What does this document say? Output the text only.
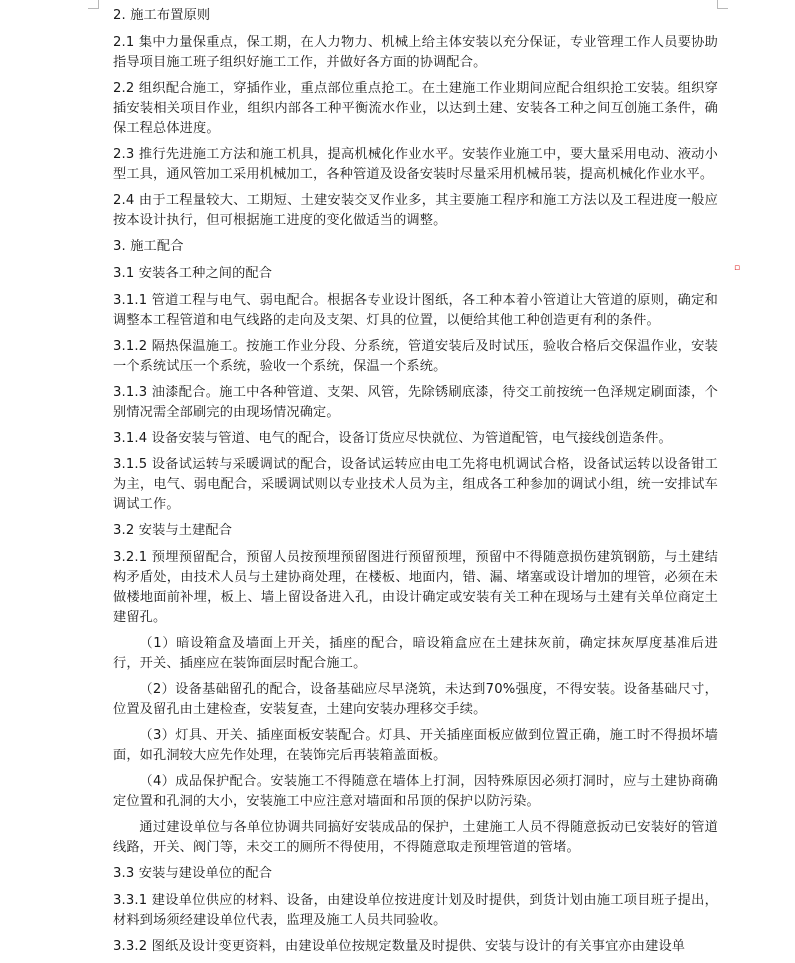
2. 施工布置原则

2.1 集中力量保重点，保工期，在人力物力、机械上给主体安装以充分保证，专业管理工作人员要协助指导项目施工班子组织好施工工作，并做好各方面的协调配合。

2.2 组织配合施工，穿插作业，重点部位重点抢工。在土建施工作业期间应配合组织抢工安装。组织穿插安装相关项目作业，组织内部各工种平衡流水作业，以达到土建、安装各工种之间互创施工条件，确保工程总体进度。

2.3 推行先进施工方法和施工机具，提高机械化作业水平。安装作业施工中，要大量采用电动、液动小型工具，通风管加工采用机械加工，各种管道及设备安装时尽量采用机械吊装，提高机械化作业水平。

2.4 由于工程量较大、工期短、土建安装交叉作业多，其主要施工程序和施工方法以及工程进度一般应按本设计执行，但可根据施工进度的变化做适当的调整。

3. 施工配合

3.1 安装各工种之间的配合

3.1.1 管道工程与电气、弱电配合。根据各专业设计图纸，各工种本着小管道让大管道的原则，确定和调整本工程管道和电气线路的走向及支架、灯具的位置，以便给其他工种创造更有利的条件。

3.1.2 隔热保温施工。按施工作业分段、分系统，管道安装后及时试压，验收合格后交保温作业，安装一个系统试压一个系统，验收一个系统，保温一个系统。

3.1.3 油漆配合。施工中各种管道、支架、风管，先除锈刷底漆，待交工前按统一色泽规定刷面漆，个别情况需全部刷完的由现场情况确定。

3.1.4 设备安装与管道、电气的配合，设备订货应尽快就位、为管道配管，电气接线创造条件。

3.1.5 设备试运转与采暖调试的配合，设备试运转应由电工先将电机调试合格，设备试运转以设备钳工为主，电气、弱电配合，采暖调试则以专业技术人员为主，组成各工种参加的调试小组，统一安排试车调试工作。

3.2 安装与土建配合

3.2.1 预埋预留配合，预留人员按预埋预留图进行预留预埋，预留中不得随意损伤建筑钢筋，与土建结构矛盾处，由技术人员与土建协商处理，在楼板、地面内，错、漏、堵塞或设计增加的埋管，必须在未做楼地面前补埋，板上、墙上留设备进入孔，由设计确定或安装有关工种在现场与土建有关单位商定土建留孔。

（1）暗设箱盒及墙面上开关，插座的配合，暗设箱盒应在土建抹灰前，确定抹灰厚度基准后进行，开关、插座应在装饰面层时配合施工。

（2）设备基础留孔的配合，设备基础应尽早浇筑，未达到70%强度，不得安装。设备基础尺寸，位置及留孔由土建检查，安装复查，土建向安装办理移交手续。

（3）灯具、开关、插座面板安装配合。灯具、开关插座面板应做到位置正确，施工时不得损坏墙面，如孔洞较大应先作处理，在装饰完后再装箱盖面板。

（4）成品保护配合。安装施工不得随意在墙体上打洞，因特殊原因必须打洞时，应与土建协商确定位置和孔洞的大小，安装施工中应注意对墙面和吊顶的保护以防污染。

通过建设单位与各单位协调共同搞好安装成品的保护，土建施工人员不得随意扳动已安装好的管道线路，开关、阀门等，未交工的厕所不得使用，不得随意取走预埋管道的管堵。

3.3 安装与建设单位的配合

3.3.1 建设单位供应的材料、设备，由建设单位按进度计划及时提供，到货计划由施工项目班子提出，材料到场须经建设单位代表，监理及施工人员共同验收。

3.3.2 图纸及设计变更资料，由建设单位按规定数量及时提供、安装与设计的有关事宜亦由建设单

▫
